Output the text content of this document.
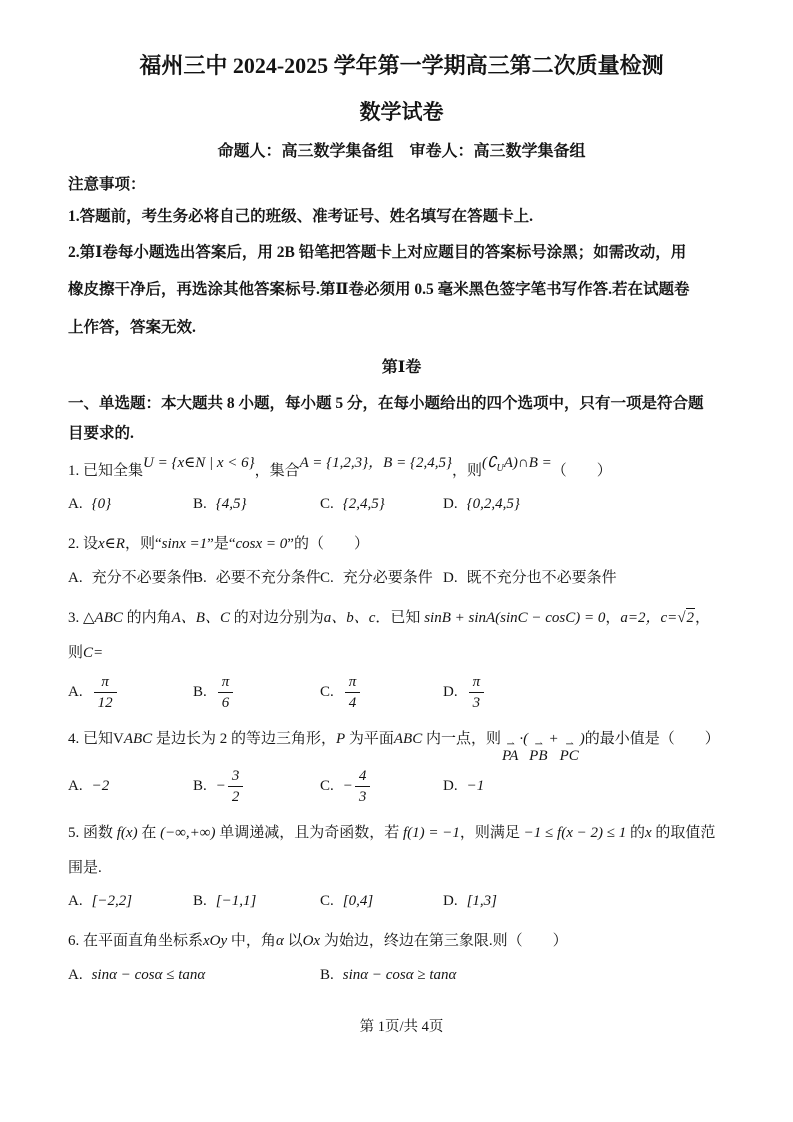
福州三中 2024-2025 学年第一学期高三第二次质量检测
数学试卷
命题人：高三数学集备组　审卷人：高三数学集备组
注意事项：
1.答题前，考生务必将自己的班级、准考证号、姓名填写在答题卡上.
2.第Ⅰ卷每小题选出答案后，用 2B 铅笔把答题卡上对应题目的答案标号涂黑；如需改动，用
橡皮擦干净后，再选涂其他答案标号.第Ⅱ卷必须用 0.5 毫米黑色签字笔书写作答.若在试题卷
上作答，答案无效.
第Ⅰ卷
一、单选题：本大题共 8 小题，每小题 5 分，在每小题给出的四个选项中，只有一项是符合题
目要求的.
1. 已知全集U = {x∈N | x < 6}，集合A = {1,2,3}，B = {2,4,5}，则$(∁_UA)\cap B$ =（　　）
A. {0}	B. {4,5}	C. {2,4,5}	D. {0,2,4,5}
2. 设x∈R，则“sinx =1”是“cosx = 0”的（　　）
A. 充分不必要条件
B. 必要不充分条件 C. 充分必要条件 D. 既不充分也不必要条件
3. △ABC 的内角A、B、C 的对边分别为a、b、c．已知 sinB + sinA(sinC − cosC) = 0，a=2，c=√2，
则C=
A. $\frac{\pi}{12}$	B. $\frac{\pi}{6}$	C. $\frac{\pi}{4}$	D. $\frac{\pi}{3}$
4. 已知VABC 是边长为 2 的等边三角形，P 为平面ABC 内一点，则 ⇀
PA
·( ⇀
PB
+ ⇀
PC
)的最小值是（　　）
A. −2	B. − $\frac{3}{2}$	C. − $\frac{4}{3}$	D. −1
5. 函数 f(x) 在 (−∞,+∞) 单调递减，且为奇函数，若 f(1) = −1，则满足 −1 ≤ f(x − 2) ≤ 1 的x 的取值范
围是.
A. [−2,2]	B. [−1,1]	C. [0,4]	D. [1,3]
6. 在平面直角坐标系xOy 中，角α 以Ox 为始边，终边在第三象限.则（　　）
A. sinα − cosα ≤ tanα	B. sinα − cosα ≥ tanα
第 1页/共 4页
